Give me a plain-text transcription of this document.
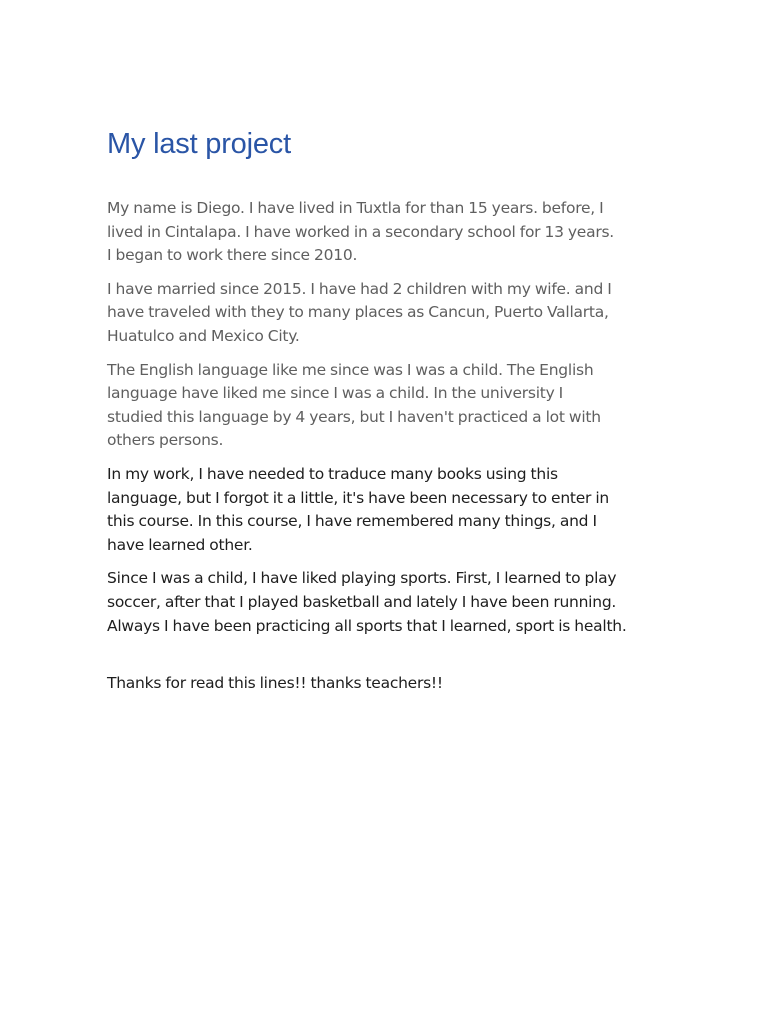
My last project

My name is Diego. I have lived in Tuxtla for than 15 years. before, I
lived in Cintalapa. I have worked in a secondary school for 13 years.
I began to work there since 2010.

I have married since 2015. I have had 2 children with my wife. and I
have traveled with they to many places as Cancun, Puerto Vallarta,
Huatulco and Mexico City.

The English language like me since was I was a child. The English
language have liked me since I was a child. In the university I
studied this language by 4 years, but I haven't practiced a lot with
others persons.

In my work, I have needed to traduce many books using this
language, but I forgot it a little, it's have been necessary to enter in
this course. In this course, I have remembered many things, and I
have learned other.

Since I was a child, I have liked playing sports. First, I learned to play
soccer, after that I played basketball and lately I have been running.
Always I have been practicing all sports that I learned, sport is health.

Thanks for read this lines!! thanks teachers!!
